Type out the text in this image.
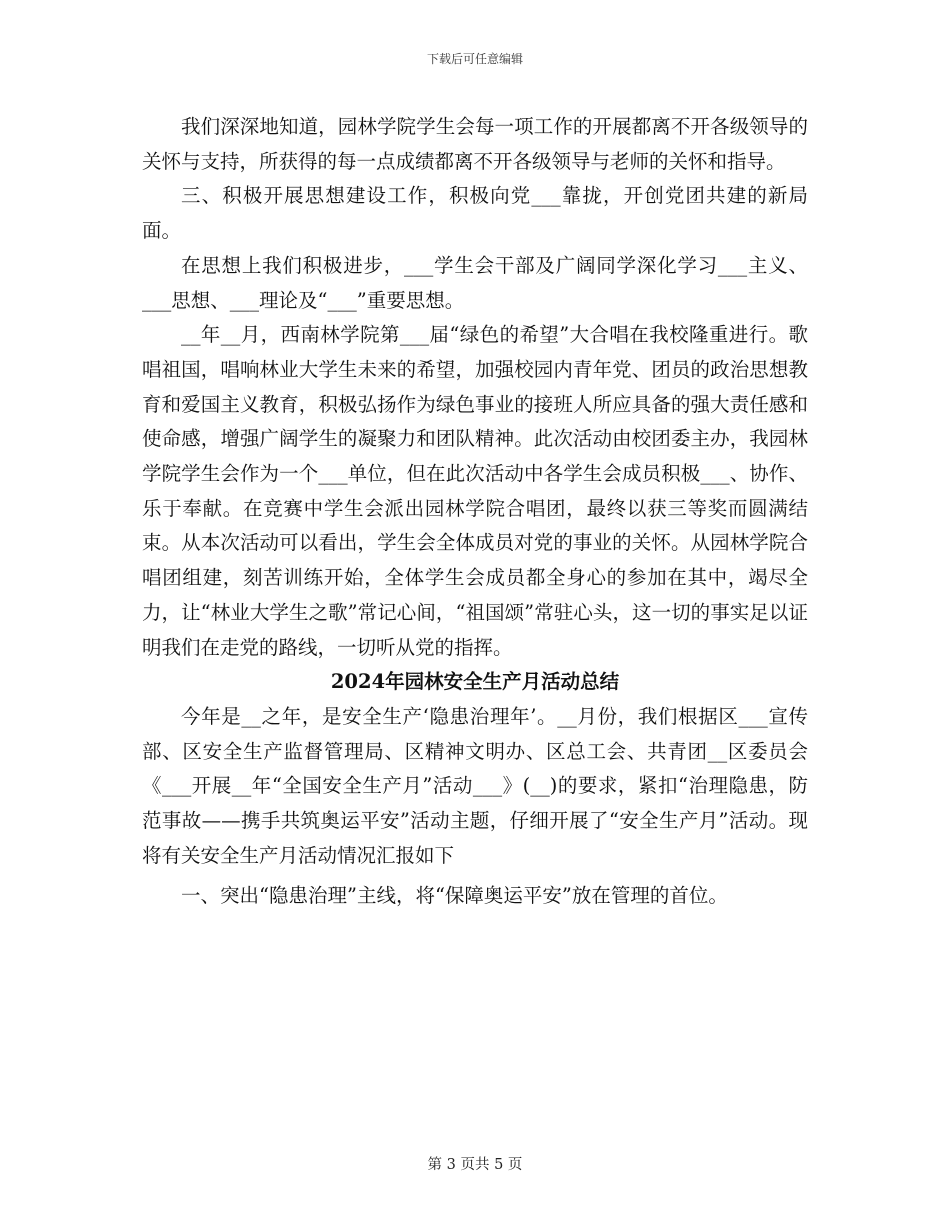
下载后可任意编辑

我们深深地知道，园林学院学生会每一项工作的开展都离不开各级领导的关怀与支持，所获得的每一点成绩都离不开各级领导与老师的关怀和指导。

三、积极开展思想建设工作，积极向党___靠拢，开创党团共建的新局面。

在思想上我们积极进步，___学生会干部及广阔同学深化学习___主义、___思想、___理论及“___”重要思想。

__年__月，西南林学院第___届“绿色的希望”大合唱在我校隆重进行。歌唱祖国，唱响林业大学生未来的希望，加强校园内青年党、团员的政治思想教育和爱国主义教育，积极弘扬作为绿色事业的接班人所应具备的强大责任感和使命感，增强广阔学生的凝聚力和团队精神。此次活动由校团委主办，我园林学院学生会作为一个___单位，但在此次活动中各学生会成员积极___、协作、乐于奉献。在竞赛中学生会派出园林学院合唱团，最终以获三等奖而圆满结束。从本次活动可以看出，学生会全体成员对党的事业的关怀。从园林学院合唱团组建，刻苦训练开始，全体学生会成员都全身心的参加在其中，竭尽全力，让“林业大学生之歌”常记心间，“祖国颂”常驻心头，这一切的事实足以证明我们在走党的路线，一切听从党的指挥。

2024年园林安全生产月活动总结

今年是__之年，是安全生产‘隐患治理年’。__月份，我们根据区___宣传部、区安全生产监督管理局、区精神文明办、区总工会、共青团__区委员会《___开展__年“全国安全生产月”活动___》(__)的要求，紧扣“治理隐患，防范事故——携手共筑奥运平安”活动主题，仔细开展了“安全生产月”活动。现将有关安全生产月活动情况汇报如下

一、突出“隐患治理”主线，将“保障奥运平安”放在管理的首位。

第 3 页共 5 页
